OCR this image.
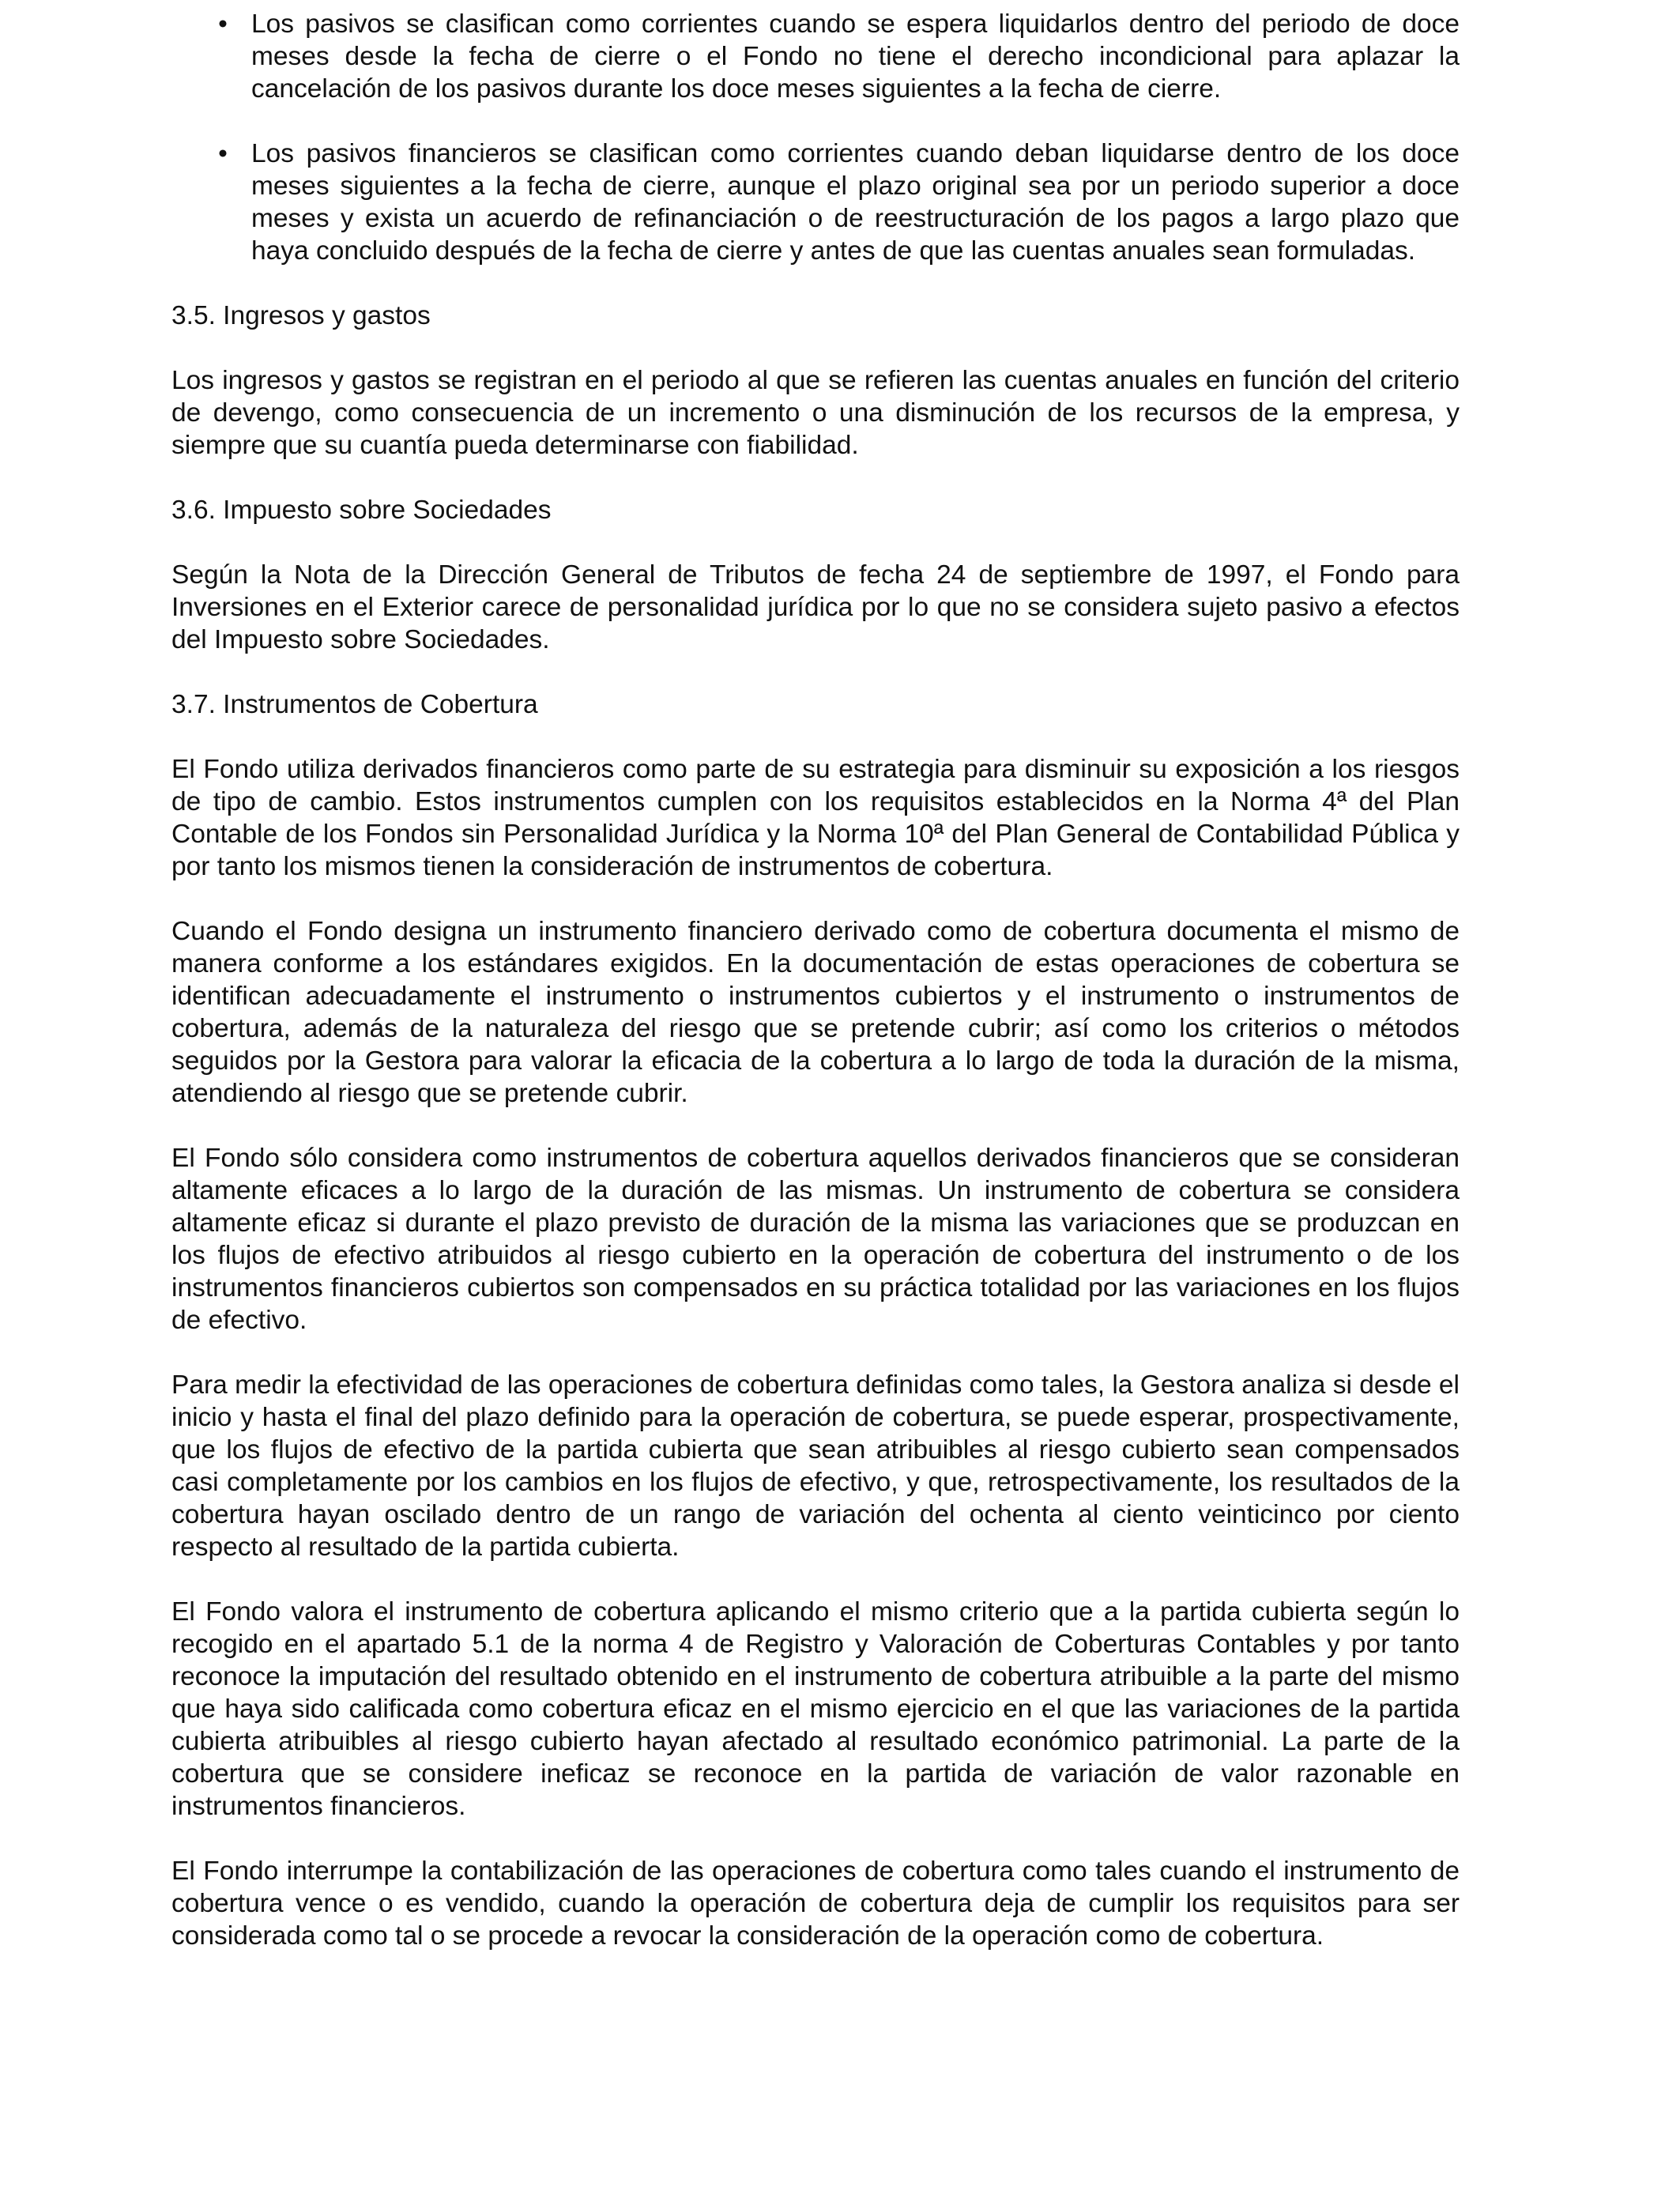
• Los pasivos se clasifican como corrientes cuando se espera liquidarlos dentro del periodo de doce meses desde la fecha de cierre o el Fondo no tiene el derecho incondicional para aplazar la cancelación de los pasivos durante los doce meses siguientes a la fecha de cierre.
• Los pasivos financieros se clasifican como corrientes cuando deban liquidarse dentro de los doce meses siguientes a la fecha de cierre, aunque el plazo original sea por un periodo superior a doce meses y exista un acuerdo de refinanciación o de reestructuración de los pagos a largo plazo que haya concluido después de la fecha de cierre y antes de que las cuentas anuales sean formuladas.
3.5. Ingresos y gastos
Los ingresos y gastos se registran en el periodo al que se refieren las cuentas anuales en función del criterio de devengo, como consecuencia de un incremento o una disminución de los recursos de la empresa, y siempre que su cuantía pueda determinarse con fiabilidad.
3.6. Impuesto sobre Sociedades
Según la Nota de la Dirección General de Tributos de fecha 24 de septiembre de 1997, el Fondo para Inversiones en el Exterior carece de personalidad jurídica por lo que no se considera sujeto pasivo a efectos del Impuesto sobre Sociedades.
3.7. Instrumentos de Cobertura
El Fondo utiliza derivados financieros como parte de su estrategia para disminuir su exposición a los riesgos de tipo de cambio. Estos instrumentos cumplen con los requisitos establecidos en la Norma 4ª del Plan Contable de los Fondos sin Personalidad Jurídica y la Norma 10ª del Plan General de Contabilidad Pública y por tanto los mismos tienen la consideración de instrumentos de cobertura.
Cuando el Fondo designa un instrumento financiero derivado como de cobertura documenta el mismo de manera conforme a los estándares exigidos. En la documentación de estas operaciones de cobertura se identifican adecuadamente el instrumento o instrumentos cubiertos y el instrumento o instrumentos de cobertura, además de la naturaleza del riesgo que se pretende cubrir; así como los criterios o métodos seguidos por la Gestora para valorar la eficacia de la cobertura a lo largo de toda la duración de la misma, atendiendo al riesgo que se pretende cubrir.
El Fondo sólo considera como instrumentos de cobertura aquellos derivados financieros que se consideran altamente eficaces a lo largo de la duración de las mismas. Un instrumento de cobertura se considera altamente eficaz si durante el plazo previsto de duración de la misma las variaciones que se produzcan en los flujos de efectivo atribuidos al riesgo cubierto en la operación de cobertura del instrumento o de los instrumentos financieros cubiertos son compensados en su práctica totalidad por las variaciones en los flujos de efectivo.
Para medir la efectividad de las operaciones de cobertura definidas como tales, la Gestora analiza si desde el inicio y hasta el final del plazo definido para la operación de cobertura, se puede esperar, prospectivamente, que los flujos de efectivo de la partida cubierta que sean atribuibles al riesgo cubierto sean compensados casi completamente por los cambios en los flujos de efectivo, y que, retrospectivamente, los resultados de la cobertura hayan oscilado dentro de un rango de variación del ochenta al ciento veinticinco por ciento respecto al resultado de la partida cubierta.
El Fondo valora el instrumento de cobertura aplicando el mismo criterio que a la partida cubierta según lo recogido en el apartado 5.1 de la norma 4 de Registro y Valoración de Coberturas Contables y por tanto reconoce la imputación del resultado obtenido en el instrumento de cobertura atribuible a la parte del mismo que haya sido calificada como cobertura eficaz en el mismo ejercicio en el que las variaciones de la partida cubierta atribuibles al riesgo cubierto hayan afectado al resultado económico patrimonial. La parte de la cobertura que se considere ineficaz se reconoce en la partida de variación de valor razonable en instrumentos financieros.
El Fondo interrumpe la contabilización de las operaciones de cobertura como tales cuando el instrumento de cobertura vence o es vendido, cuando la operación de cobertura deja de cumplir los requisitos para ser considerada como tal o se procede a revocar la consideración de la operación como de cobertura.
